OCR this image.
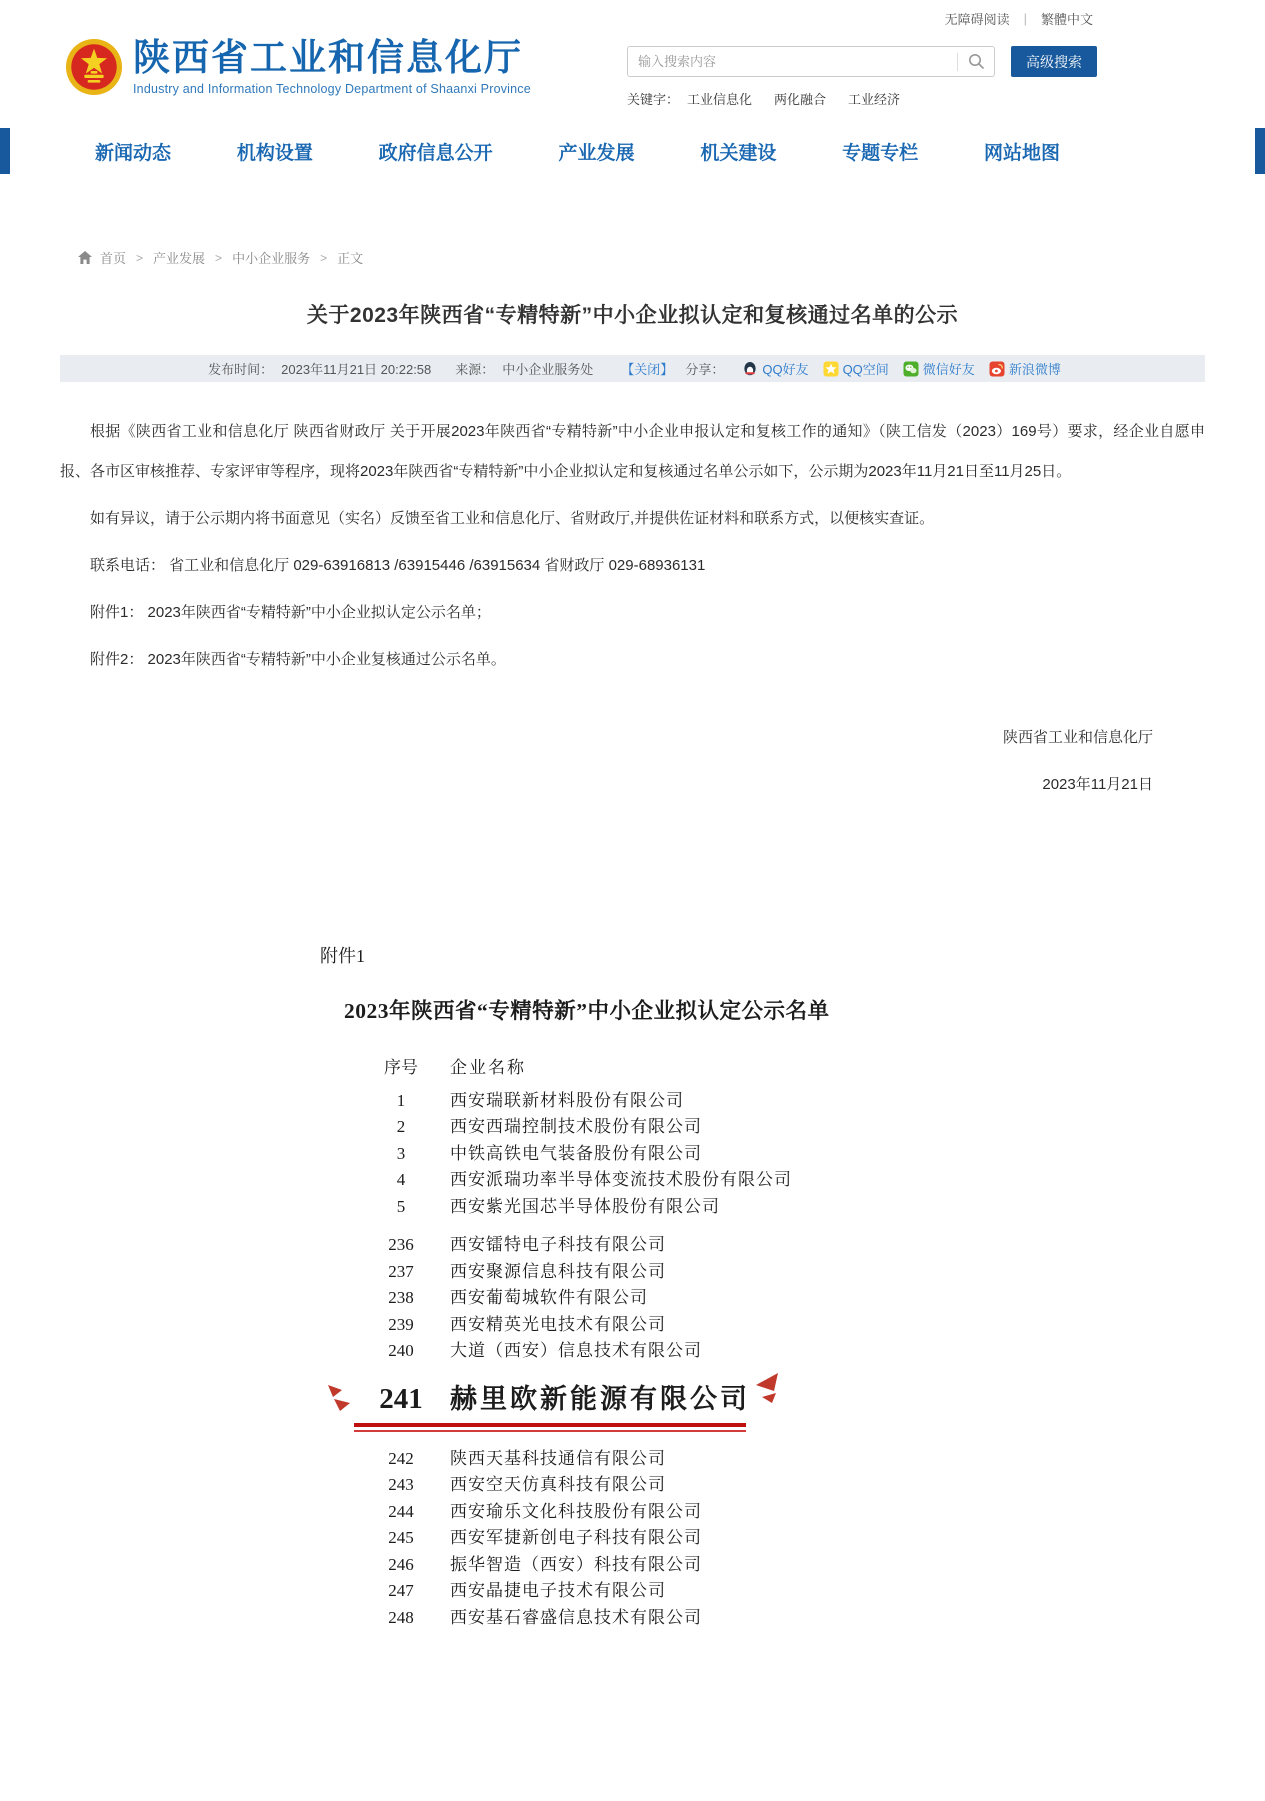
无障碍阅读 | 繁體中文
陕西省工业和信息化厅
Industry and Information Technology Department of Shaanxi Province
输入搜索内容
高级搜索
关键字： 工业信息化 两化融合 工业经济
新闻动态	机构设置	政府信息公开	产业发展	机关建设	专题专栏	网站地图
首页 > 产业发展 > 中小企业服务 > 正文
关于2023年陕西省“专精特新”中小企业拟认定和复核通过名单的公示
发布时间： 2023年11月21日 20:22:58 来源： 中小企业服务处 【关闭】 分享：	QQ好友	QQ空间	微信好友	新浪微博

根据《陕西省工业和信息化厅 陕西省财政厅 关于开展2023年陕西省“专精特新”中小企业申报认定和复核工作的通知》（陕工信发（2023）169号）要求，经企业自愿申报、各市区审核推荐、专家评审等程序，现将2023年陕西省“专精特新”中小企业拟认定和复核通过名单公示如下，公示期为2023年11月21日至11月25日。

如有异议，请于公示期内将书面意见（实名）反馈至省工业和信息化厅、省财政厅,并提供佐证材料和联系方式，以便核实查证。

联系电话： 省工业和信息化厅 029-63916813 /63915446 /63915634 省财政厅 029-68936131

附件1： 2023年陕西省“专精特新”中小企业拟认定公示名单；

附件2： 2023年陕西省“专精特新”中小企业复核通过公示名单。

陕西省工业和信息化厅
2023年11月21日
附件1
2023年陕西省“专精特新”中小企业拟认定公示名单
序号	企业名称
1	西安瑞联新材料股份有限公司
2	西安西瑞控制技术股份有限公司
3	中铁高铁电气装备股份有限公司
4	西安派瑞功率半导体变流技术股份有限公司
5	西安紫光国芯半导体股份有限公司
236	西安镭特电子科技有限公司
237	西安聚源信息科技有限公司
238	西安葡萄城软件有限公司
239	西安精英光电技术有限公司
240	大道（西安）信息技术有限公司
241	赫里欧新能源有限公司
242	陕西天基科技通信有限公司
243	西安空天仿真科技有限公司
244	西安瑜乐文化科技股份有限公司
245	西安军捷新创电子科技有限公司
246	振华智造（西安）科技有限公司
247	西安晶捷电子技术有限公司
248	西安基石睿盛信息技术有限公司
